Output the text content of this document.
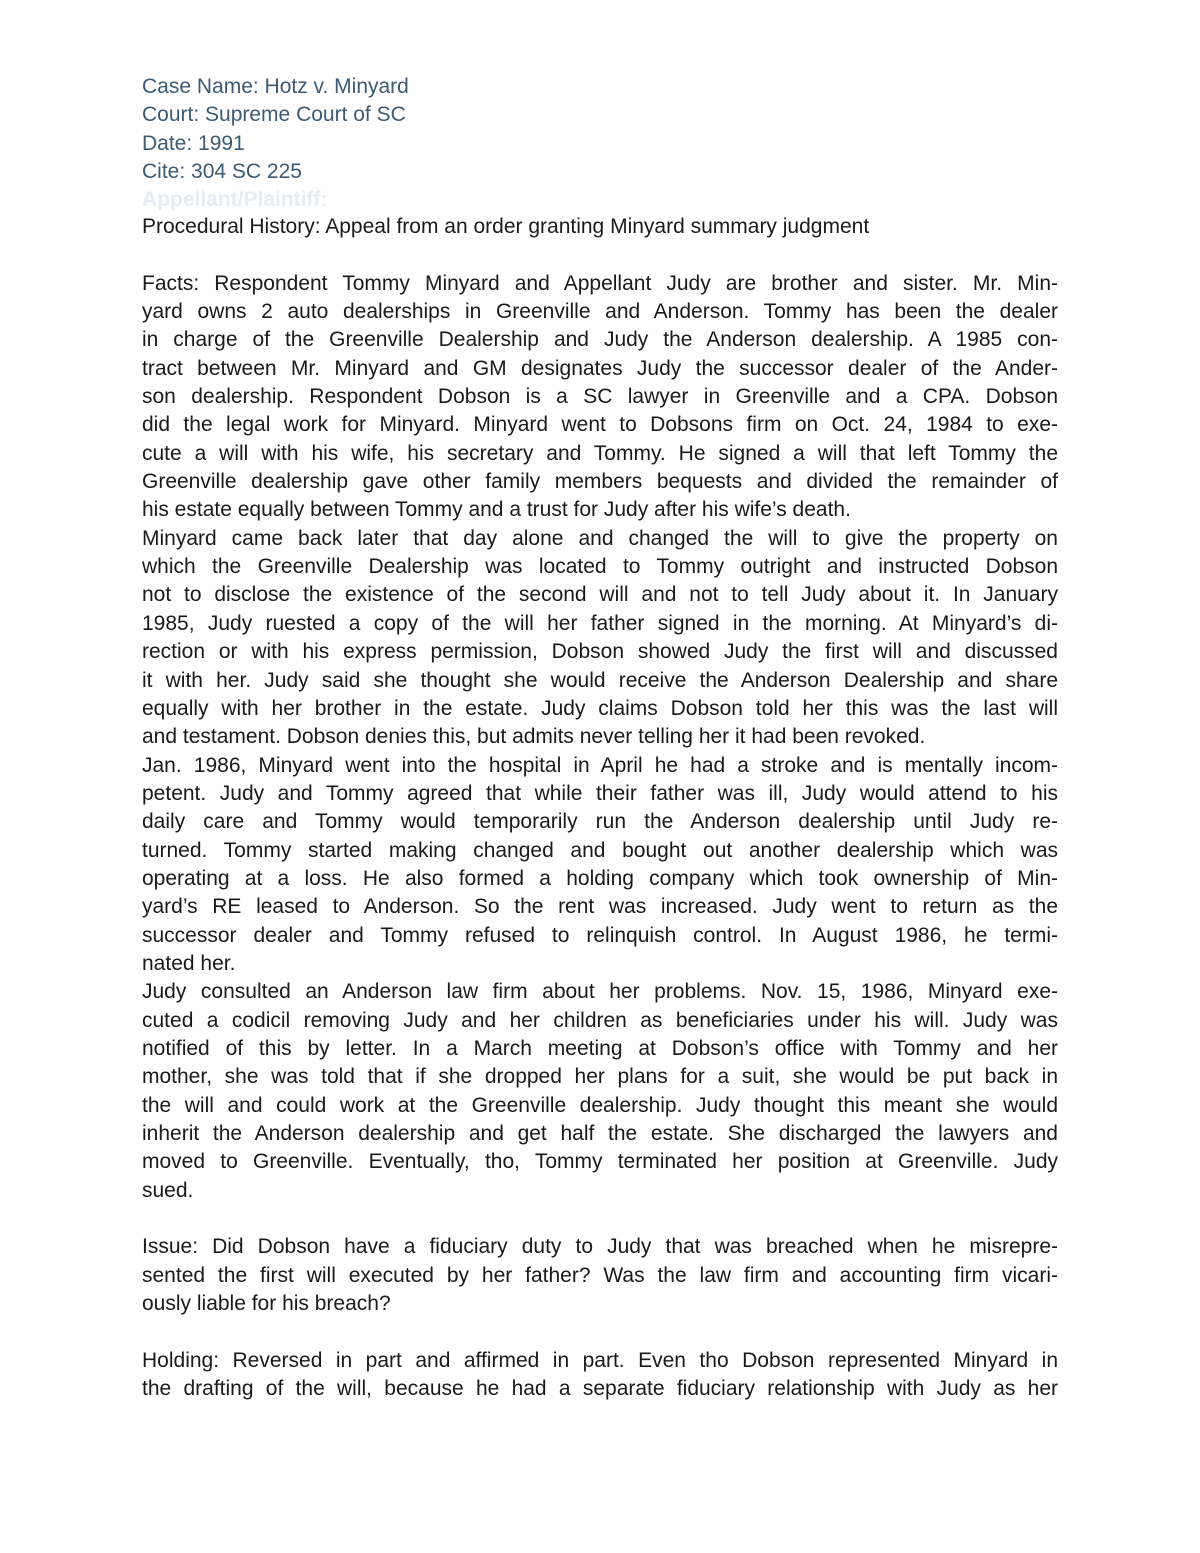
Case Name: Hotz v. Minyard
Court: Supreme Court of SC
Date: 1991
Cite: 304 SC 225
Appellant/Plaintiff:
Procedural History: Appeal from an order granting Minyard summary judgment
Facts: Respondent Tommy Minyard and Appellant Judy are brother and sister. Mr. Min-
yard owns 2 auto dealerships in Greenville and Anderson. Tommy has been the dealer
in charge of the Greenville Dealership and Judy the Anderson dealership. A 1985 con-
tract between Mr. Minyard and GM designates Judy the successor dealer of the Ander-
son dealership. Respondent Dobson is a SC lawyer in Greenville and a CPA. Dobson
did the legal work for Minyard. Minyard went to Dobsons firm on Oct. 24, 1984 to exe-
cute a will with his wife, his secretary and Tommy. He signed a will that left Tommy the
Greenville dealership gave other family members bequests and divided the remainder of
his estate equally between Tommy and a trust for Judy after his wife’s death.
Minyard came back later that day alone and changed the will to give the property on
which the Greenville Dealership was located to Tommy outright and instructed Dobson
not to disclose the existence of the second will and not to tell Judy about it. In January
1985, Judy ruested a copy of the will her father signed in the morning. At Minyard’s di-
rection or with his express permission, Dobson showed Judy the first will and discussed
it with her. Judy said she thought she would receive the Anderson Dealership and share
equally with her brother in the estate. Judy claims Dobson told her this was the last will
and testament. Dobson denies this, but admits never telling her it had been revoked.
Jan. 1986, Minyard went into the hospital in April he had a stroke and is mentally incom-
petent. Judy and Tommy agreed that while their father was ill, Judy would attend to his
daily care and Tommy would temporarily run the Anderson dealership until Judy re-
turned. Tommy started making changed and bought out another dealership which was
operating at a loss. He also formed a holding company which took ownership of Min-
yard’s RE leased to Anderson. So the rent was increased. Judy went to return as the
successor dealer and Tommy refused to relinquish control. In August 1986, he termi-
nated her.
Judy consulted an Anderson law firm about her problems. Nov. 15, 1986, Minyard exe-
cuted a codicil removing Judy and her children as beneficiaries under his will. Judy was
notified of this by letter. In a March meeting at Dobson’s office with Tommy and her
mother, she was told that if she dropped her plans for a suit, she would be put back in
the will and could work at the Greenville dealership. Judy thought this meant she would
inherit the Anderson dealership and get half the estate. She discharged the lawyers and
moved to Greenville. Eventually, tho, Tommy terminated her position at Greenville. Judy
sued.
Issue: Did Dobson have a fiduciary duty to Judy that was breached when he misrepre-
sented the first will executed by her father? Was the law firm and accounting firm vicari-
ously liable for his breach?
Holding: Reversed in part and affirmed in part. Even tho Dobson represented Minyard in
the drafting of the will, because he had a separate fiduciary relationship with Judy as her
